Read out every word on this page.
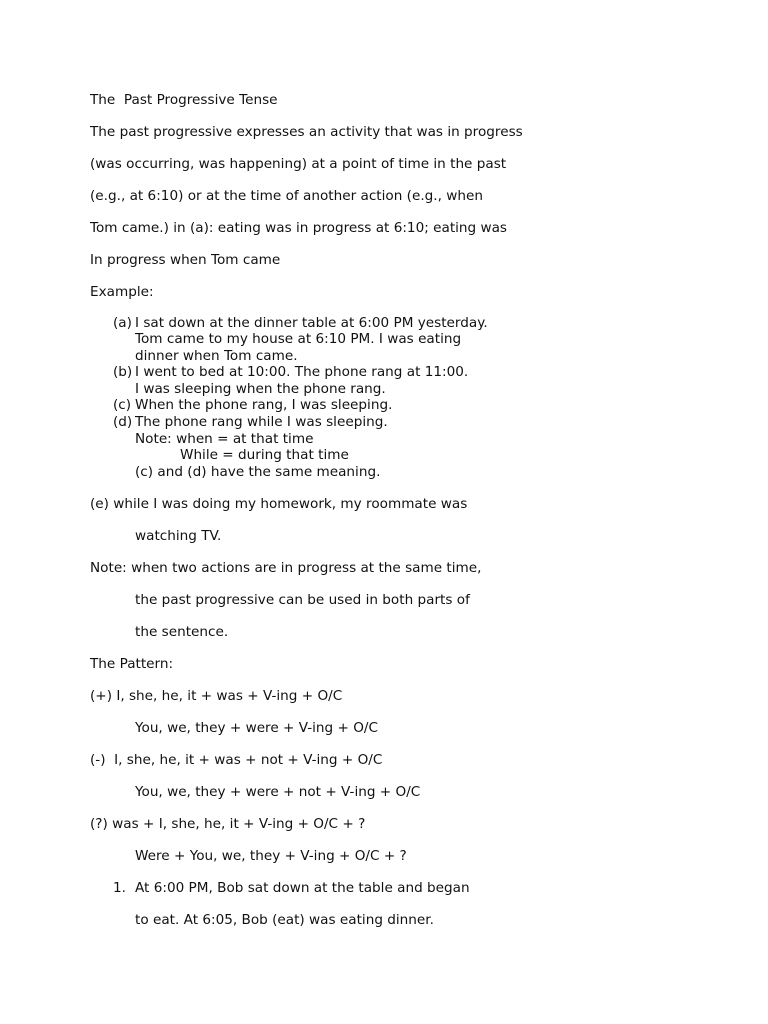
The  Past Progressive Tense
The past progressive expresses an activity that was in progress
(was occurring, was happening) at a point of time in the past
(e.g., at 6:10) or at the time of another action (e.g., when
Tom came.) in (a): eating was in progress at 6:10; eating was
In progress when Tom came
Example:
(a) I sat down at the dinner table at 6:00 PM yesterday.
Tom came to my house at 6:10 PM. I was eating
dinner when Tom came.
(b) I went to bed at 10:00. The phone rang at 11:00.
I was sleeping when the phone rang.
(c) When the phone rang, I was sleeping.
(d) The phone rang while I was sleeping.
Note: when = at that time
While = during that time
(c) and (d) have the same meaning.
(e) while I was doing my homework, my roommate was
watching TV.
Note: when two actions are in progress at the same time,
the past progressive can be used in both parts of
the sentence.
The Pattern:
(+) I, she, he, it + was + V-ing + O/C
You, we, they + were + V-ing + O/C
(-)  I, she, he, it + was + not + V-ing + O/C
You, we, they + were + not + V-ing + O/C
(?) was + I, she, he, it + V-ing + O/C + ?
Were + You, we, they + V-ing + O/C + ?
1. At 6:00 PM, Bob sat down at the table and began
to eat. At 6:05, Bob (eat) was eating dinner.
